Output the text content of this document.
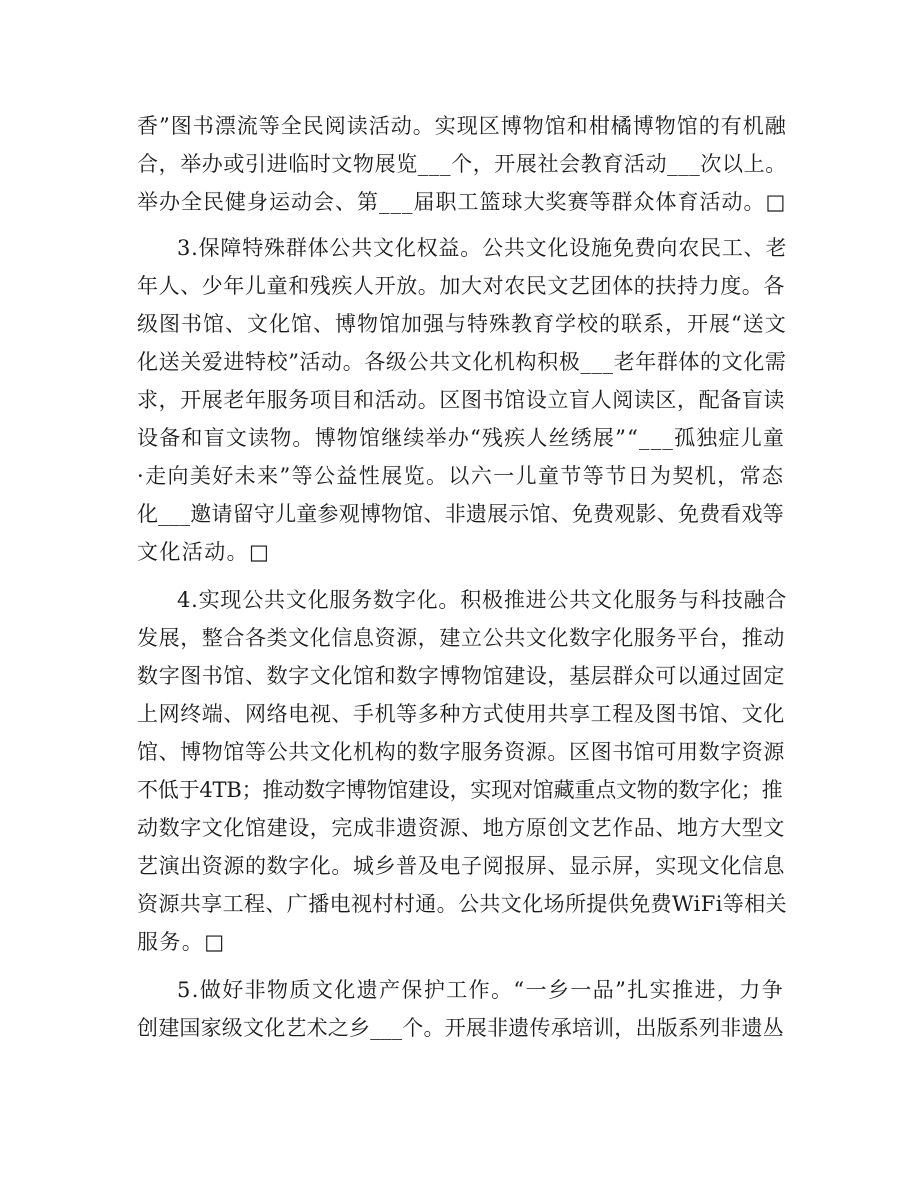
香”图书漂流等全民阅读活动。实现区博物馆和柑橘博物馆的有机融
合，举办或引进临时文物展览___个，开展社会教育活动___次以上。
举办全民健身运动会、第___届职工篮球大奖赛等群众体育活动。□
3.保障特殊群体公共文化权益。公共文化设施免费向农民工、老
年人、少年儿童和残疾人开放。加大对农民文艺团体的扶持力度。各
级图书馆、文化馆、博物馆加强与特殊教育学校的联系，开展“送文
化送关爱进特校”活动。各级公共文化机构积极___老年群体的文化需
求，开展老年服务项目和活动。区图书馆设立盲人阅读区，配备盲读
设备和盲文读物。博物馆继续举办“残疾人丝绣展”“___孤独症儿童
·走向美好未来”等公益性展览。以六一儿童节等节日为契机，常态
化___邀请留守儿童参观博物馆、非遗展示馆、免费观影、免费看戏等
文化活动。□
4.实现公共文化服务数字化。积极推进公共文化服务与科技融合
发展，整合各类文化信息资源，建立公共文化数字化服务平台，推动
数字图书馆、数字文化馆和数字博物馆建设，基层群众可以通过固定
上网终端、网络电视、手机等多种方式使用共享工程及图书馆、文化
馆、博物馆等公共文化机构的数字服务资源。区图书馆可用数字资源
不低于4TB；推动数字博物馆建设，实现对馆藏重点文物的数字化；推
动数字文化馆建设，完成非遗资源、地方原创文艺作品、地方大型文
艺演出资源的数字化。城乡普及电子阅报屏、显示屏，实现文化信息
资源共享工程、广播电视村村通。公共文化场所提供免费WiFi等相关
服务。□
5.做好非物质文化遗产保护工作。“一乡一品”扎实推进，力争
创建国家级文化艺术之乡___个。开展非遗传承培训，出版系列非遗丛
